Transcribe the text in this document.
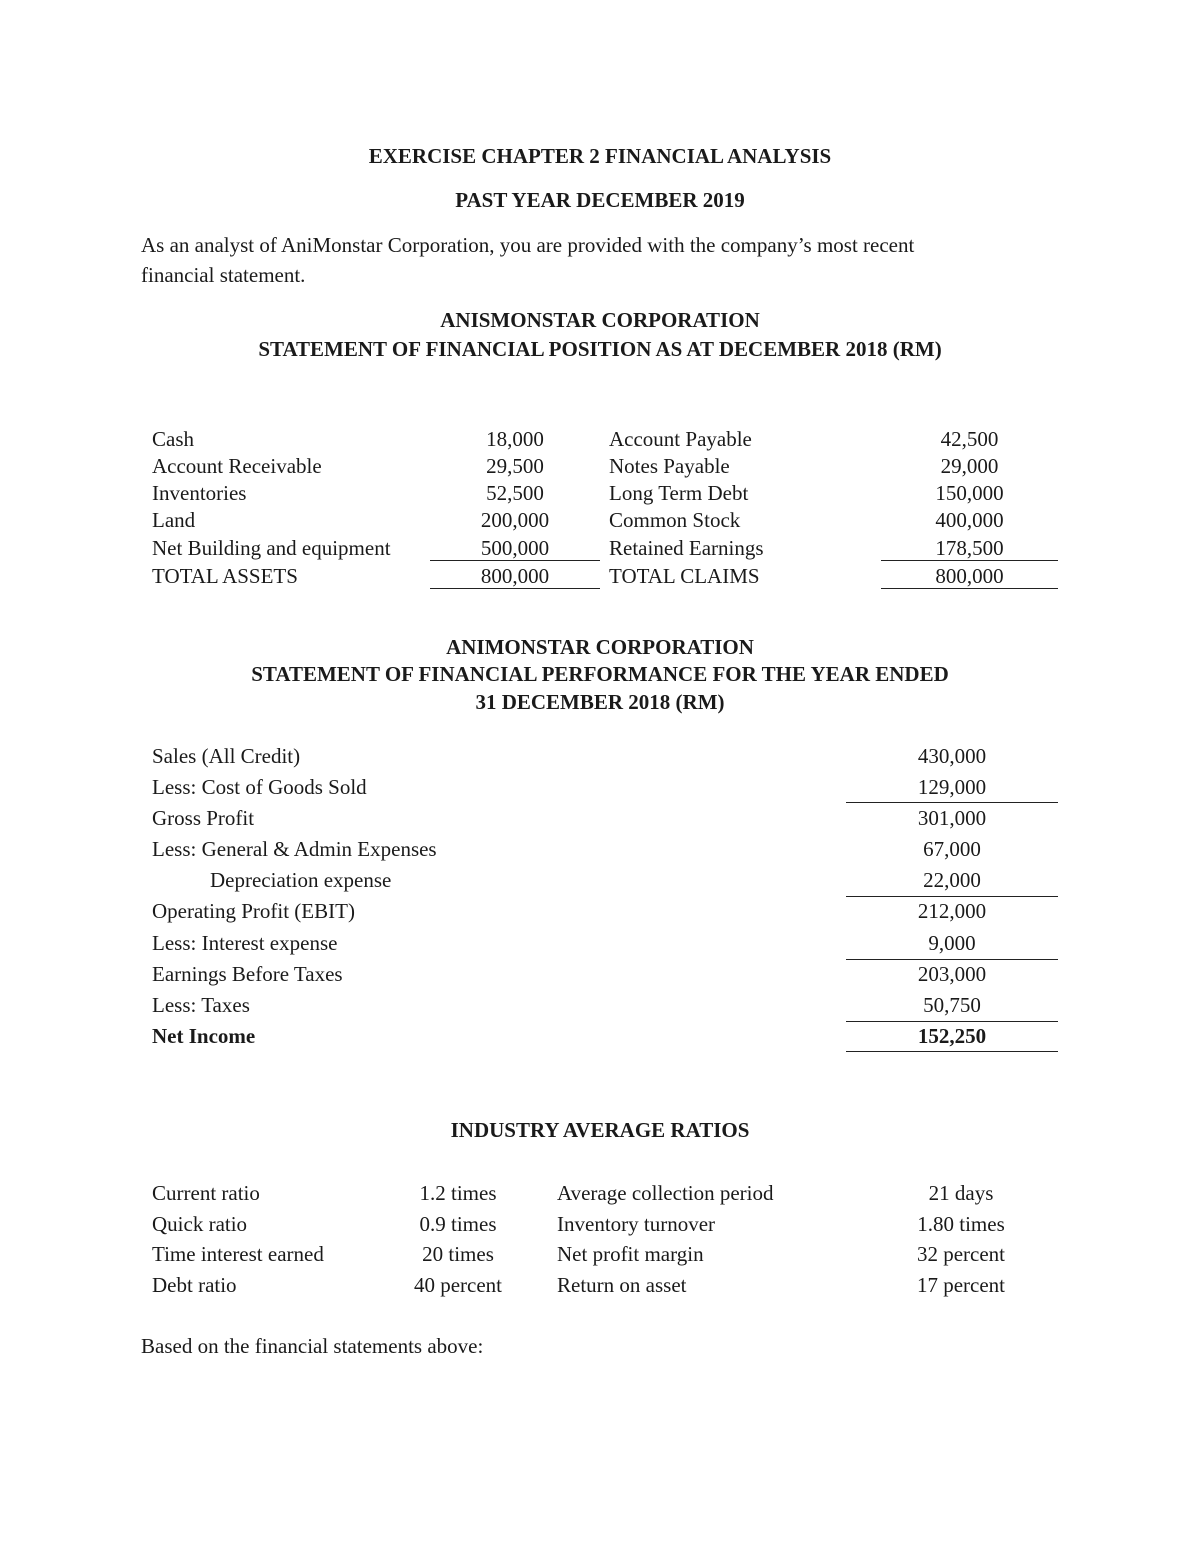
EXERCISE CHAPTER 2 FINANCIAL ANALYSIS
PAST YEAR DECEMBER 2019
As an analyst of AniMonstar Corporation, you are provided with the company’s most recent
financial statement.
ANISMONSTAR CORPORATION
STATEMENT OF FINANCIAL POSITION AS AT DECEMBER 2018 (RM)
Cash
Account Receivable
Inventories
Land
Net Building and equipment
TOTAL ASSETS
18,000
29,500
52,500
200,000
500,000
800,000
Account Payable
Notes Payable
Long Term Debt
Common Stock
Retained Earnings
TOTAL CLAIMS
42,500
29,000
150,000
400,000
178,500
800,000
ANIMONSTAR CORPORATION
STATEMENT OF FINANCIAL PERFORMANCE FOR THE YEAR ENDED
31 DECEMBER 2018 (RM)
Sales (All Credit)
Less: Cost of Goods Sold
Gross Profit
Less: General & Admin Expenses
Depreciation expense
Operating Profit (EBIT)
Less: Interest expense
Earnings Before Taxes
Less: Taxes
Net Income
430,000
129,000
301,000
67,000
22,000
212,000
9,000
203,000
50,750
152,250
INDUSTRY AVERAGE RATIOS
Current ratio
Quick ratio
Time interest earned
Debt ratio
1.2 times
0.9 times
20 times
40 percent
Average collection period
Inventory turnover
Net profit margin
Return on asset
21 days
1.80 times
32 percent
17 percent
Based on the financial statements above:
